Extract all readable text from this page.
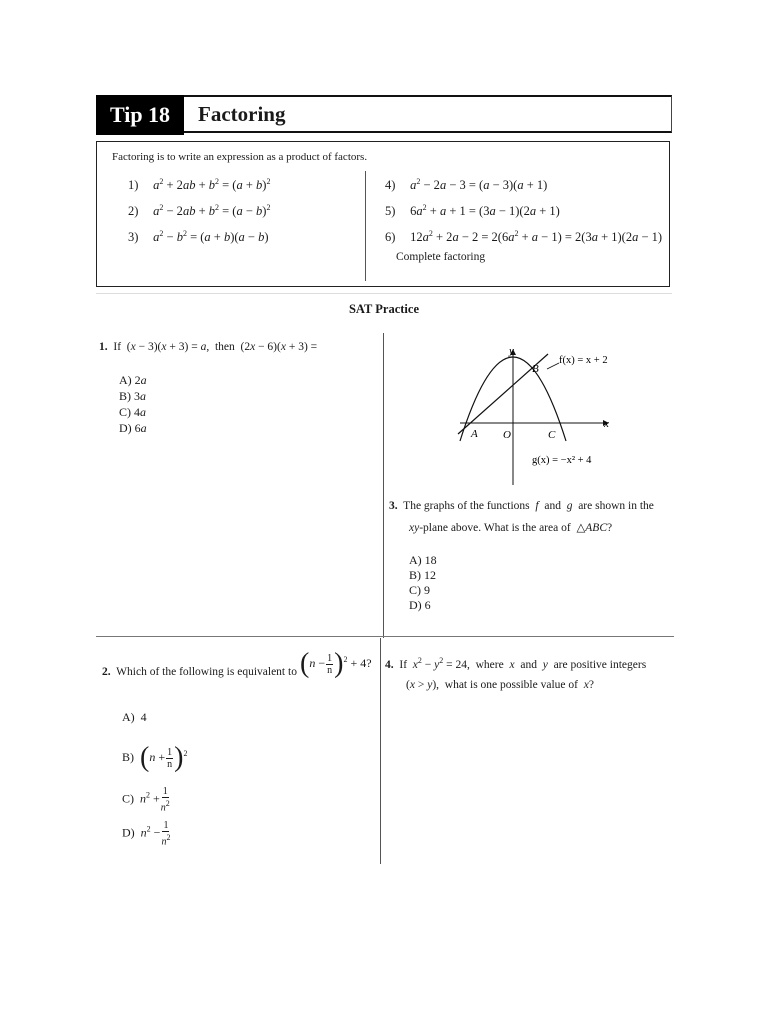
Tip 18	Factoring
Factoring is to write an expression as a product of factors.
1) $a^2 + 2ab + b^2 = (a + b)^2$
2) $a^2 - 2ab + b^2 = (a - b)^2$
3) $a^2 - b^2 = (a + b)(a - b)$
4) $a^2 - 2a - 3 = (a - 3)(a + 1)$
5) $6a^2 + a + 1 = (3a - 1)(2a + 1)$
6) $12a^2 + 2a - 2 = 2(6a^2 + a - 1) = 2(3a + 1)(2a - 1)$
Complete factoring
SAT Practice
1. If  (x − 3)(x + 3) = a,  then  (2x − 6)(x + 3) =
A) 2a
B) 3a
C) 4a
D) 6a
y
x
A O
B
C
f(x) = x + 2
g(x) = −x² + 4
3. The graphs of the functions  f  and  g  are shown in the
xy-plane above. What is the area of  △ABC?
A) 18
B) 12
C) 9
D) 6
2. Which of the following is equivalent to $(n - \frac{1}{n} )^2 + 4$?
A) 4
B) $(n + \frac{1}{n} )^2$
C) $n^2 + \frac{1}{n^2}$
D) $n^2 - \frac{1}{n^2}$
4. If  $x^2 - y^2 = 24$,  where  x  and  y  are positive integers
(x > y),  what is one possible value of  x?
